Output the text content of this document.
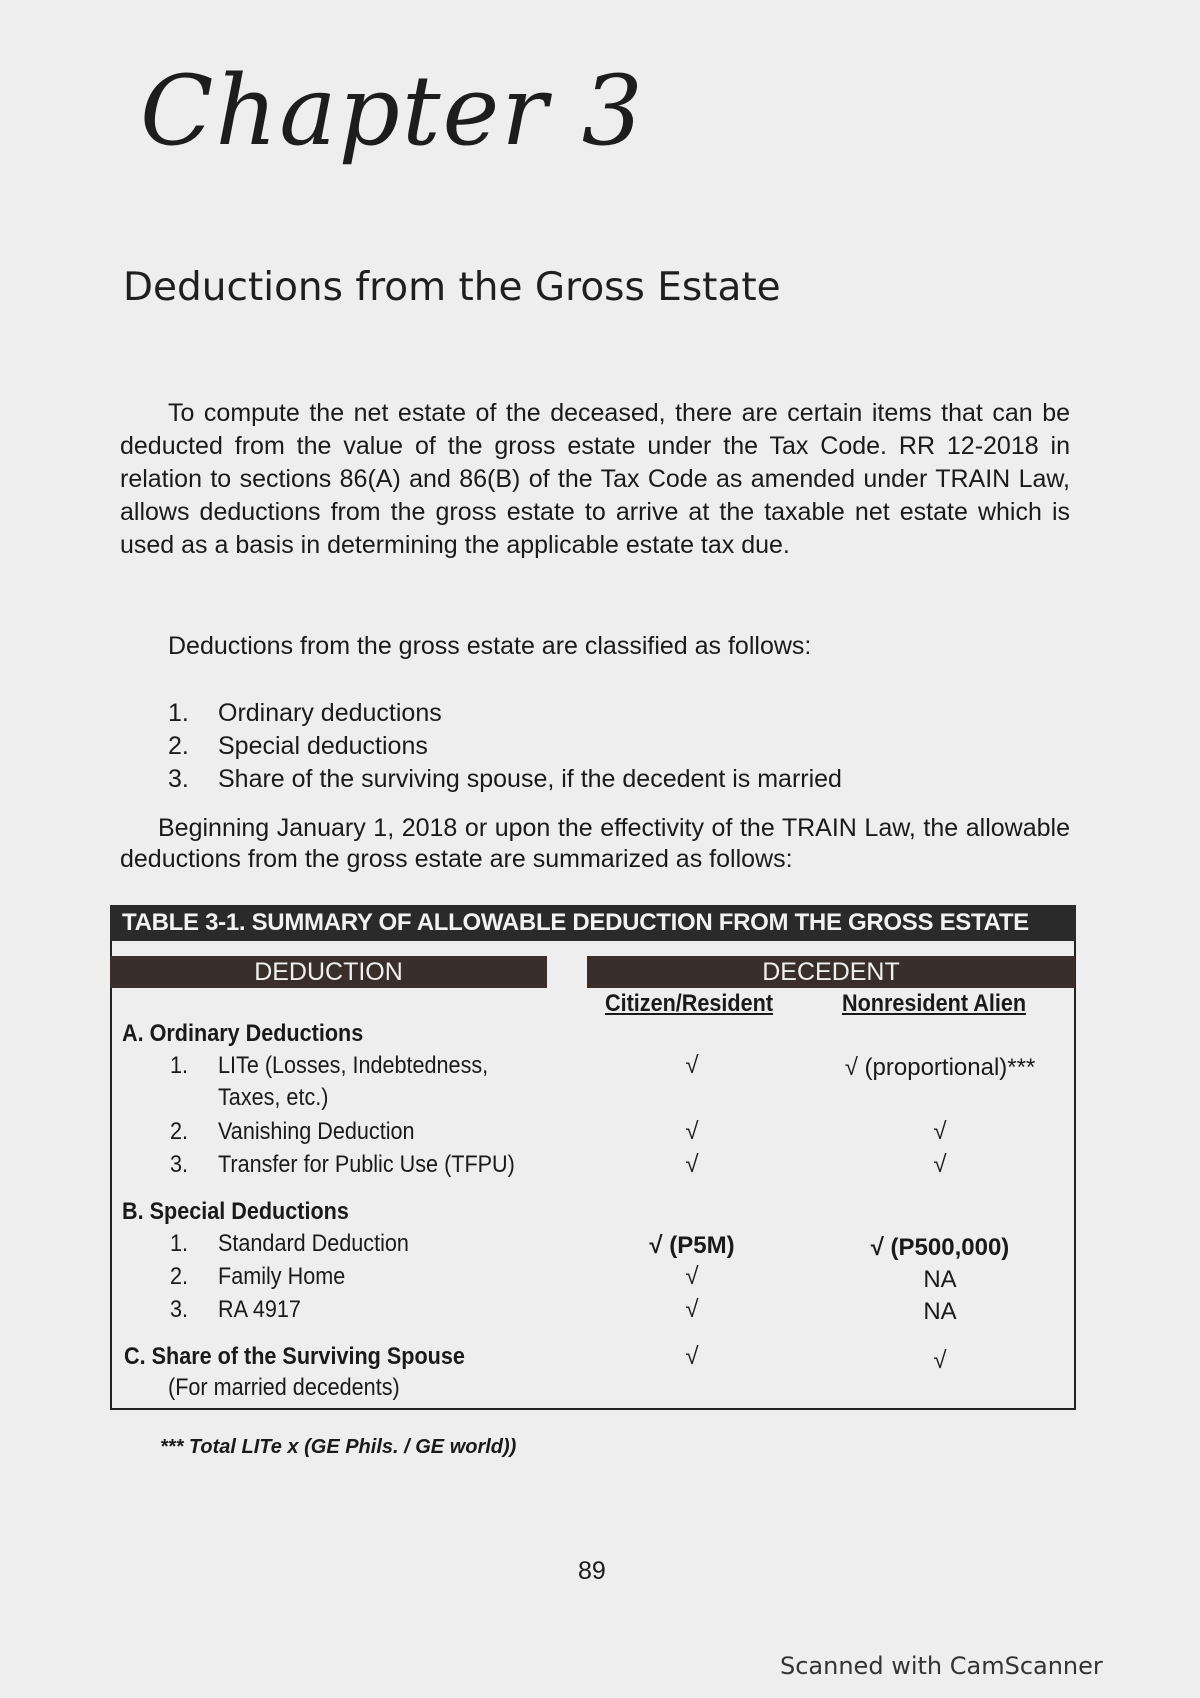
Chapter 3
Deductions from the Gross Estate
To compute the net estate of the deceased, there are certain items that can be deducted from the value of the gross estate under the Tax Code. RR 12-2018 in relation to sections 86(A) and 86(B) of the Tax Code as amended under TRAIN Law, allows deductions from the gross estate to arrive at the taxable net estate which is used as a basis in determining the applicable estate tax due.
Deductions from the gross estate are classified as follows:
1.	Ordinary deductions
2.	Special deductions
3.	Share of the surviving spouse, if the decedent is married
Beginning January 1, 2018 or upon the effectivity of the TRAIN Law, the allowable deductions from the gross estate are summarized as follows:
TABLE 3-1. SUMMARY OF ALLOWABLE DEDUCTION FROM THE GROSS ESTATE
DEDUCTION	DECEDENT
Citizen/Resident	Nonresident Alien
A. Ordinary Deductions
1. LITe (Losses, Indebtedness,
Taxes, etc.)
√	√ (proportional)***
2. Vanishing Deduction	√	√
3. Transfer for Public Use (TFPU)	√	√
B. Special Deductions
1. Standard Deduction	√ (P5M)	√ (P500,000)
2. Family Home	√	NA
3. RA 4917	√	NA
C. Share of the Surviving Spouse
(For married decedents)
√	√
*** Total LITe x (GE Phils. / GE world))
89
Scanned with CamScanner
